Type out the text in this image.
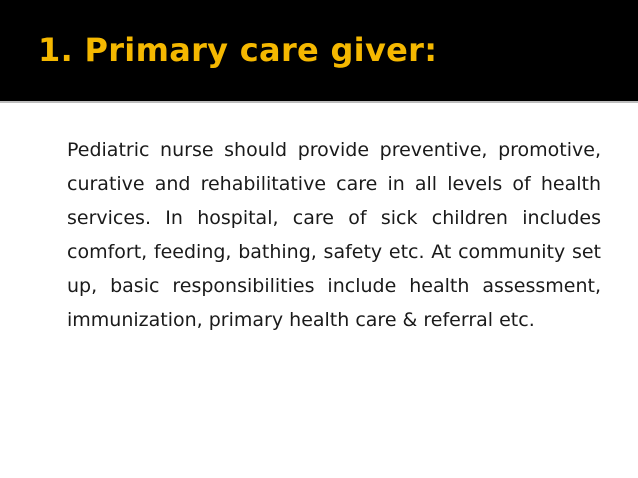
1. Primary care giver:

Pediatric nurse should provide preventive, promotive, curative and rehabilitative care in all levels of health services. In hospital, care of sick children includes comfort, feeding, bathing, safety etc. At community set up, basic responsibilities include health assessment, immunization, primary health care & referral etc.
